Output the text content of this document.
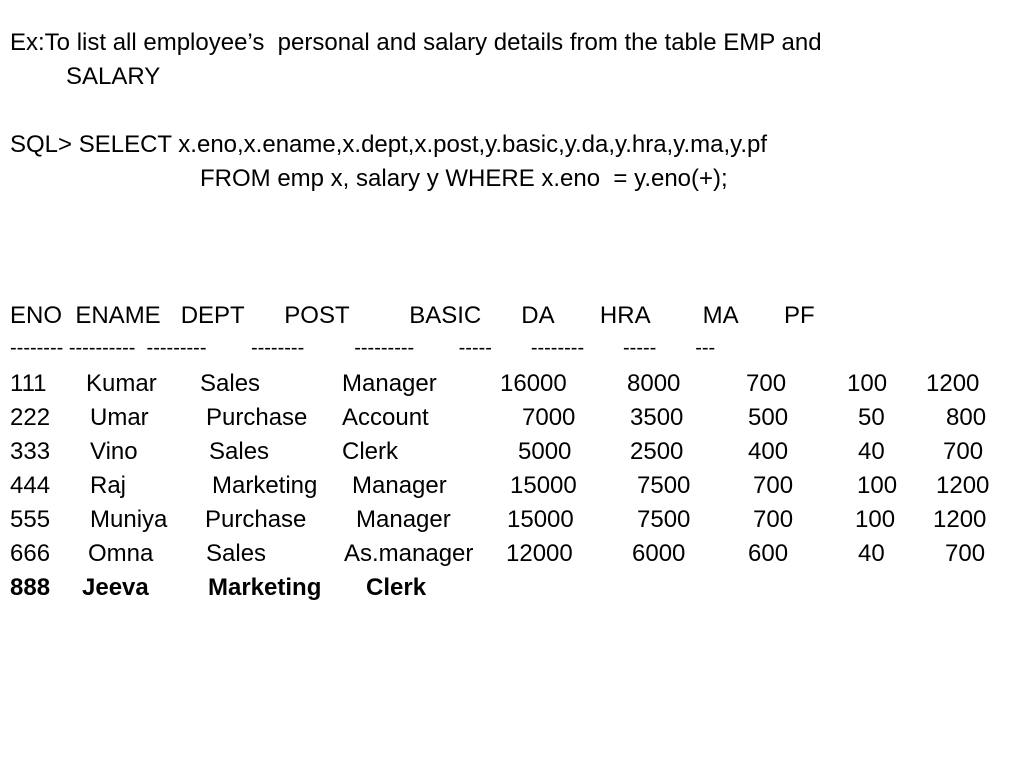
Ex:To list all employee’s  personal and salary details from the table EMP and
SALARY
SQL> SELECT x.eno,x.ename,x.dept,x.post,y.basic,y.da,y.hra,y.ma,y.pf
FROM emp x, salary y WHERE x.eno  = y.eno(+);
ENO  ENAME   DEPT      POST         BASIC      DA       HRA        MA       PF
-------- ----------  ---------        --------         ---------        -----       --------       -----       ---
111 Kumar Sales	Manager	16000	8000	700	100 1200
222 Umar Purchase Account	7000 3500	500	50	800
333 Vino	Sales	Clerk	5000 2500	400	40 700
444 Raj	Marketing Manager	15000	7500	700	100 1200
555 Muniya Purchase Manager 15000	7500	700	100 1200
666 Omna Sales	As.manager 12000 6000	600	40	700
888 Jeeva Marketing Clerk
